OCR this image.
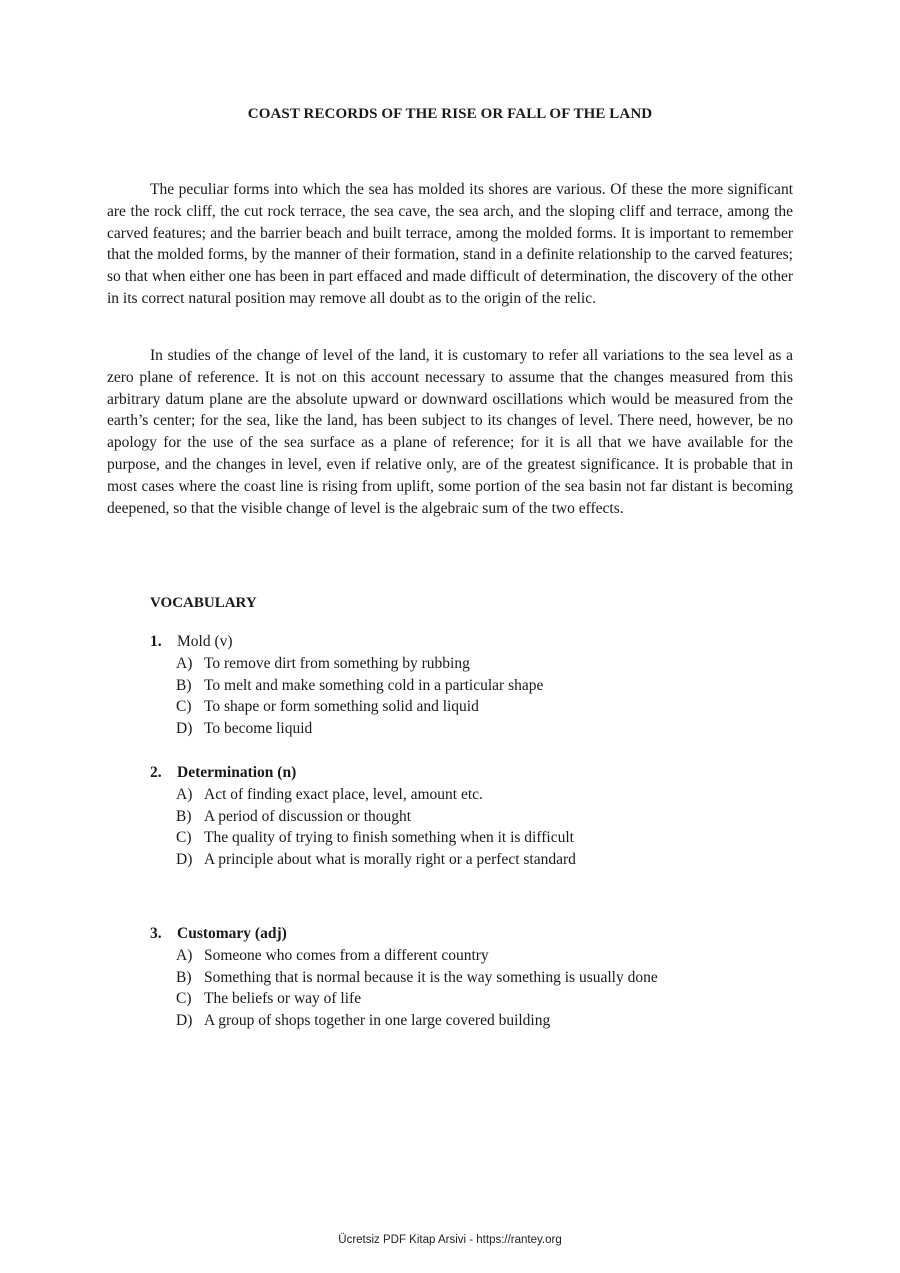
COAST RECORDS OF THE RISE OR FALL OF THE LAND

The peculiar forms into which the sea has molded its shores are various. Of these the more significant are the rock cliff, the cut rock terrace, the sea cave, the sea arch, and the sloping cliff and terrace, among the carved features; and the barrier beach and built terrace, among the molded forms. It is important to remember that the molded forms, by the manner of their formation, stand in a definite relationship to the carved features; so that when either one has been in part effaced and made difficult of determination, the discovery of the other in its correct natural position may remove all doubt as to the origin of the relic.

In studies of the change of level of the land, it is customary to refer all variations to the sea level as a zero plane of reference. It is not on this account necessary to assume that the changes measured from this arbitrary datum plane are the absolute upward or downward oscillations which would be measured from the earth’s center; for the sea, like the land, has been subject to its changes of level. There need, however, be no apology for the use of the sea surface as a plane of reference; for it is all that we have available for the purpose, and the changes in level, even if relative only, are of the greatest significance. It is probable that in most cases where the coast line is rising from uplift, some portion of the sea basin not far distant is becoming deepened, so that the visible change of level is the algebraic sum of the two effects.

VOCABULARY

1. Mold (v)

A) To remove dirt from something by rubbing
B) To melt and make something cold in a particular shape
C) To shape or form something solid and liquid
D) To become liquid

2. Determination (n)

A) Act of finding exact place, level, amount etc.
B) A period of discussion or thought
C) The quality of trying to finish something when it is difficult
D) A principle about what is morally right or a perfect standard

3. Customary (adj)

A) Someone who comes from a different country
B) Something that is normal because it is the way something is usually done
C) The beliefs or way of life
D) A group of shops together in one large covered building

Ücretsiz PDF Kitap Arsivi - https://rantey.org
